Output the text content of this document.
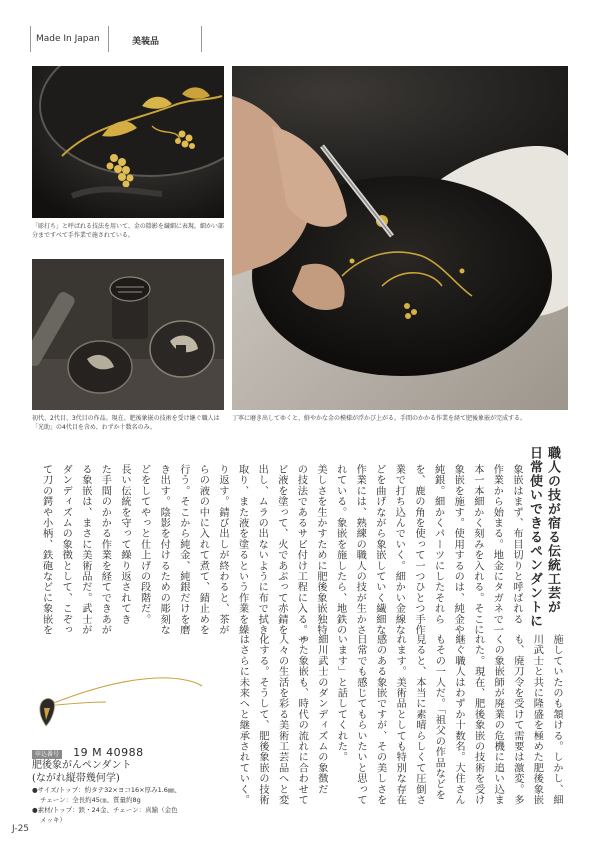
Made In Japan	美装品
「彫打ち」と呼ばれる技法を用いて、金の陰影を繊細に表現。細かい部分まですべて手作業で施されている。
初代、2代目、3代目の作品。現在、肥後象嵌の技術を受け継ぐ職人は「光助」の4代目を含め、わずか十数名のみ。
丁寧に磨き出してゆくと、鮮やかな金の模様が浮かび上がる。手間のかかる作業を経て肥後象嵌が完成する。
職人の技が宿る伝統工芸が
日常使いできるペンダントに
象嵌はまず、布目切りと呼ばれる
作業から始まる。地金にタガネで一
本一本細かく刻みを入れる。そこに
象嵌を施す。使用するのは、純金や
純銀。細かくパーツにしたそれら
を、鹿の角を使って一つひとつ手作
業で打ち込んでいく。細かい金線な
どを曲げながら象嵌していく繊細な
作業には、熟練の職人の技が生かさ
れている。象嵌を施したら、地鉄の
美しさを生かすために肥後象嵌独特
の技法であるサビ付け工程に入る。サ
ビ液を塗って、火であぶって赤錆を
出し、ムラの出ないように布で拭き
取り、また液を塗るという作業を繰
り返す。錆び出しが終わると、茶が
らの液の中に入れて煮て、錆止めを
行う。そこから純金、純銀だけを磨
き出す。陰影を付けるための彫刻な
どをしてやっと仕上げの段階だ。
長い伝統を守って繰り返されてき
た手間のかかる作業を経てできあが
る象嵌は、まさに美術品だ。武士が
ダンディズムの象徴として、こぞっ
て刀の鍔や小柄、鉄砲などに象嵌を
施していたのも頷ける。しかし、細
川武士と共に隆盛を極めた肥後象嵌
も、廃刀令を受けて需要は激変。多
くの象嵌師が廃業の危機に追い込ま
れた。現在、肥後象嵌の技術を受け
継ぐ職人はわずか十数名。大住さん
もその一人だ。「祖父の作品などを
見ると、本当に素晴らしくて圧倒さ
れます。美術品としても特別な存在
感のある象嵌ですが、その美しさを
日常でも感じてもらいたいと思って
います」と話してくれた。
細川武士のダンディズムの象徴だ
った象嵌も、時代の流れに合わせて
人々の生活を彩る美術工芸品へと変
化する。そうして、肥後象嵌の技術
はさらに未来へと継承されていく。
申込番号 19 M 40988
肥後象がんペンダント
(ながれ縦帯幾何学)
●サイズ/トップ：約タテ32×ヨコ16×厚み1.6㎜、
チェーン：全長約45㎝、質量約8g
●素材/トップ：鉄・24金、チェーン：真鍮（金色
メッキ）
J-25
